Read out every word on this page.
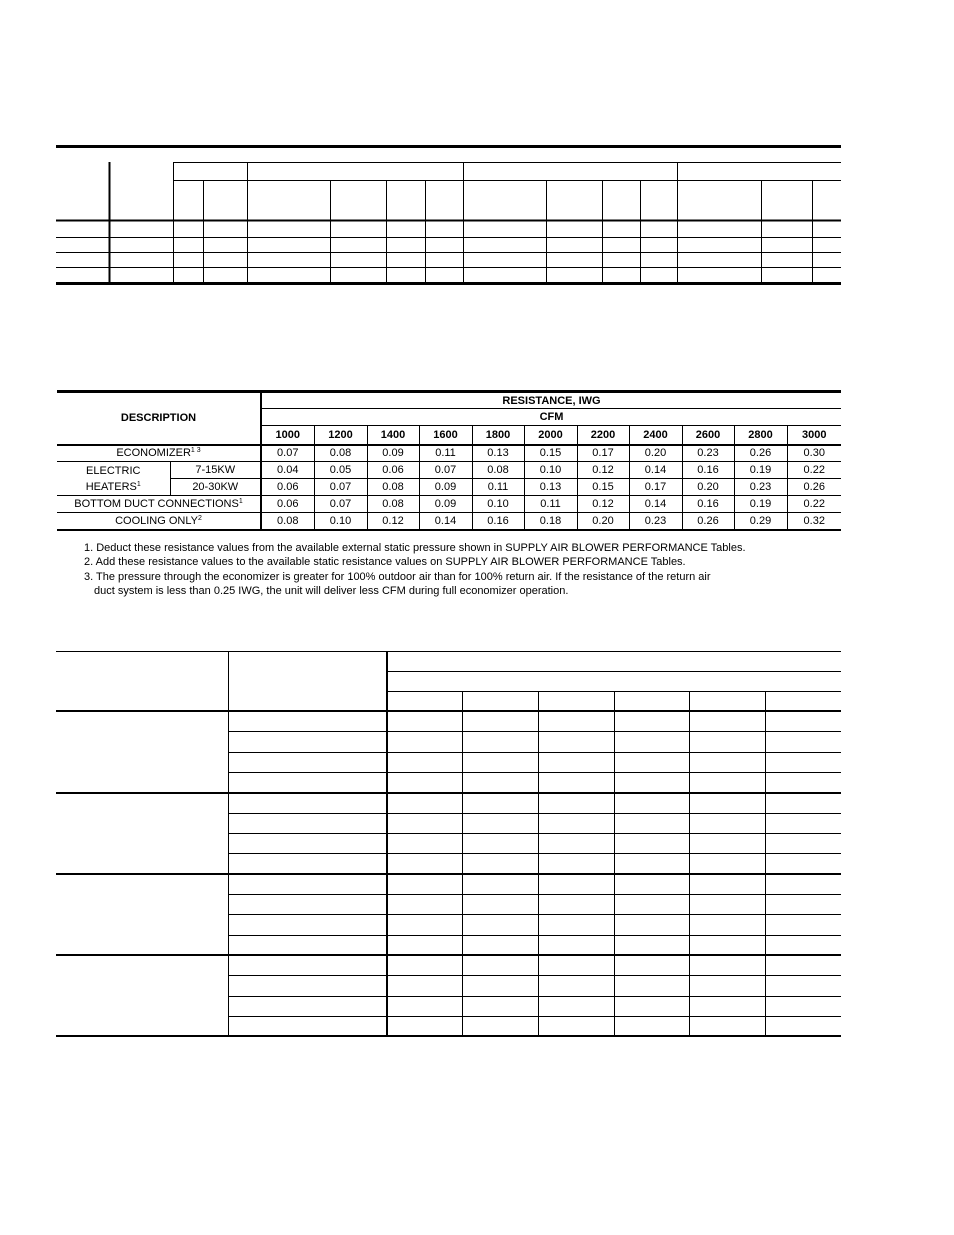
DESCRIPTION		RESISTANCE, IWG										
		CFM										
		1000	1200	1400	1600	1800	2000	2200	2400	2600	2800	3000
$ECONOMIZER^{1 3}$		0.07	0.08	0.09	0.11	0.13	0.15	0.17	0.20	0.23	0.26	0.30
ELECTRIC
HEATERS$^1$	7-15KW	0.04	0.05	0.06	0.07	0.08	0.10	0.12	0.14	0.16	0.19	0.22
	20-30KW	0.06	0.07	0.08	0.09	0.11	0.13	0.15	0.17	0.20	0.23	0.26
BOTTOM DUCT CONNECTIONS$^1$		0.06	0.07	0.08	0.09	0.10	0.11	0.12	0.14	0.16	0.19	0.22
COOLING ONLY$^2$		0.08	0.10	0.12	0.14	0.16	0.18	0.20	0.23	0.26	0.29	0.32
1. Deduct these resistance values from the available external static pressure shown in SUPPLY AIR BLOWER PERFORMANCE Tables.
2. Add these resistance values to the available static resistance values on SUPPLY AIR BLOWER PERFORMANCE Tables.
3. The pressure through the economizer is greater for 100% outdoor air than for 100% return air. If the resistance of the return air
duct system is less than 0.25 IWG, the unit will deliver less CFM during full economizer operation.
